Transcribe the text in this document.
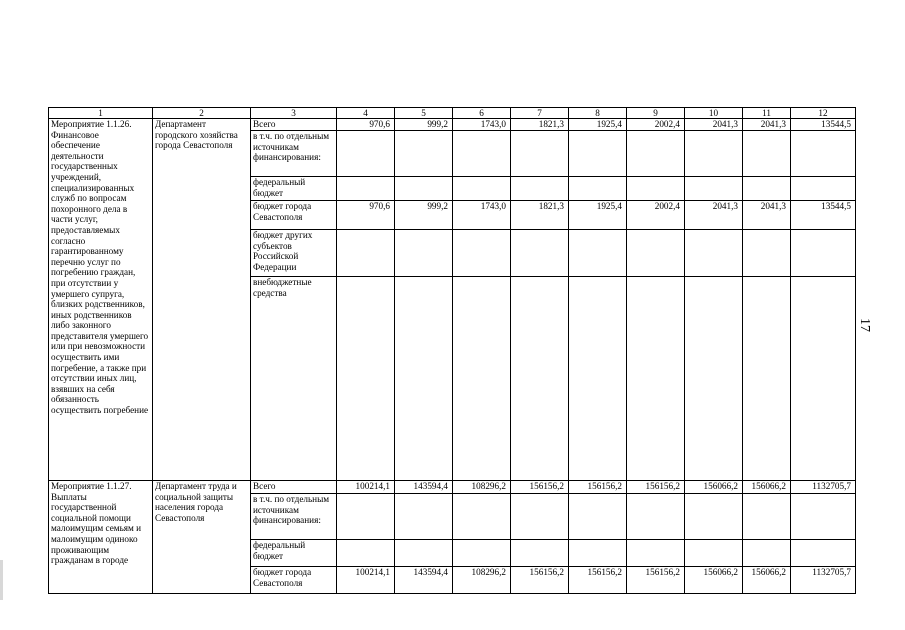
1	2	3	4	5	6	7	8	9	10	11	12

Мероприятие 1.1.26.
Финансовое обеспечение деятельности государственных учреждений, специализированных служб по вопросам похоронного дела в части услуг, предоставляемых согласно гарантированному перечню услуг по погребению граждан, при отсутствии у умершего супруга, близких родственников, иных родственников либо законного представителя умершего или при невозможности осуществить ими погребение, а также при отсутствии иных лиц, взявших на себя обязанность осуществить погребение	Департамент городского хозяйства города Севастополя	Всего	970,6	999,2	1743,0	1821,3	1925,4	2002,4	2041,3	2041,3	13544,5
		в т.ч. по отдельным источникам финансирования:									
		федеральный бюджет									
		бюджет города Севастополя	970,6	999,2	1743,0	1821,3	1925,4	2002,4	2041,3	2041,3	13544,5
		бюджет других субъектов Российской Федерации									
		внебюджетные средства									

Мероприятие 1.1.27.
Выплаты государственной социальной помощи малоимущим семьям и малоимущим одиноко проживающим гражданам в городе	Департамент труда и социальной защиты населения города Севастополя	Всего	100214,1	143594,4	108296,2	156156,2	156156,2	156156,2	156066,2	156066,2	1132705,7
		в т.ч. по отдельным источникам финансирования:									
		федеральный бюджет									
		бюджет города Севастополя	100214,1	143594,4	108296,2	156156,2	156156,2	156156,2	156066,2	156066,2	1132705,7
17
